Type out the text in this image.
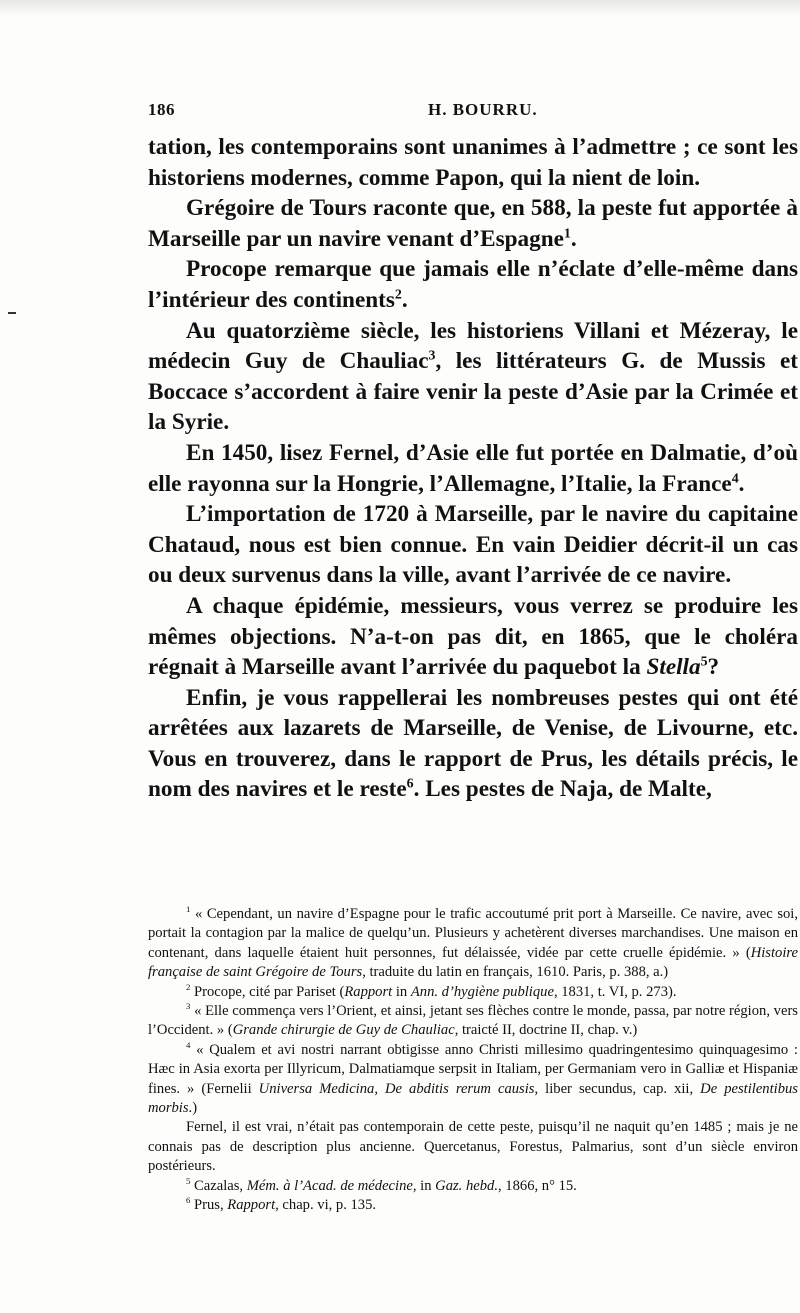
186	H. BOURRU.

tation, les contemporains sont unanimes à l’admettre ; ce sont les historiens modernes, comme Papon, qui la nient de loin.

Grégoire de Tours raconte que, en 588, la peste fut apportée à Marseille par un navire venant d’Espagne$^1$.

Procope remarque que jamais elle n’éclate d’elle-même dans l’intérieur des continents$^2$.

Au quatorzième siècle, les historiens Villani et Mézeray, le médecin Guy de Chauliac$^3$, les littérateurs G. de Mussis et Boccace s’accordent à faire venir la peste d’Asie par la Crimée et la Syrie.

En 1450, lisez Fernel, d’Asie elle fut portée en Dalmatie, d’où elle rayonna sur la Hongrie, l’Allemagne, l’Italie, la France$^4$.

L’importation de 1720 à Marseille, par le navire du capitaine Chataud, nous est bien connue. En vain Deidier décrit-il un cas ou deux survenus dans la ville, avant l’arrivée de ce navire.

A chaque épidémie, messieurs, vous verrez se produire les mêmes objections. N’a-t-on pas dit, en 1865, que le choléra régnait à Marseille avant l’arrivée du paquebot la Stella$^5$?

Enfin, je vous rappellerai les nombreuses pestes qui ont été arrêtées aux lazarets de Marseille, de Venise, de Livourne, etc. Vous en trouverez, dans le rapport de Prus, les détails précis, le nom des navires et le reste$^6$. Les pestes de Naja, de Malte,

$^1$ « Cependant, un navire d’Espagne pour le trafic accoutumé prit port à Marseille. Ce navire, avec soi, portait la contagion par la malice de quelqu’un. Plusieurs y achetèrent diverses marchandises. Une maison en contenant, dans laquelle étaient huit personnes, fut délaissée, vidée par cette cruelle épidémie. » (Histoire française de saint Grégoire de Tours, traduite du latin en français, 1610. Paris, p. 388, a.)

$^2$ Procope, cité par Pariset (Rapport in Ann. d’hygiène publique, 1831, t. VI, p. 273).

$^3$ « Elle commença vers l’Orient, et ainsi, jetant ses flèches contre le monde, passa, par notre région, vers l’Occident. » (Grande chirurgie de Guy de Chauliac, traicté II, doctrine II, chap. v.)

$^4$ « Qualem et avi nostri narrant obtigisse anno Christi millesimo quadringentesimo quinquagesimo : Hæc in Asia exorta per Illyricum, Dalmatiamque serpsit in Italiam, per Germaniam vero in Galliæ et Hispaniæ fines. » (Fernelii Universa Medicina, De abditis rerum causis, liber secundus, cap. xii, De pestilentibus morbis.)

Fernel, il est vrai, n’était pas contemporain de cette peste, puisqu’il ne naquit qu’en 1485 ; mais je ne connais pas de description plus ancienne. Quercetanus, Forestus, Palmarius, sont d’un siècle environ postérieurs.

$^5$ Cazalas, Mém. à l’Acad. de médecine, in Gaz. hebd., 1866, n° 15.

$^6$ Prus, Rapport, chap. vi, p. 135.
